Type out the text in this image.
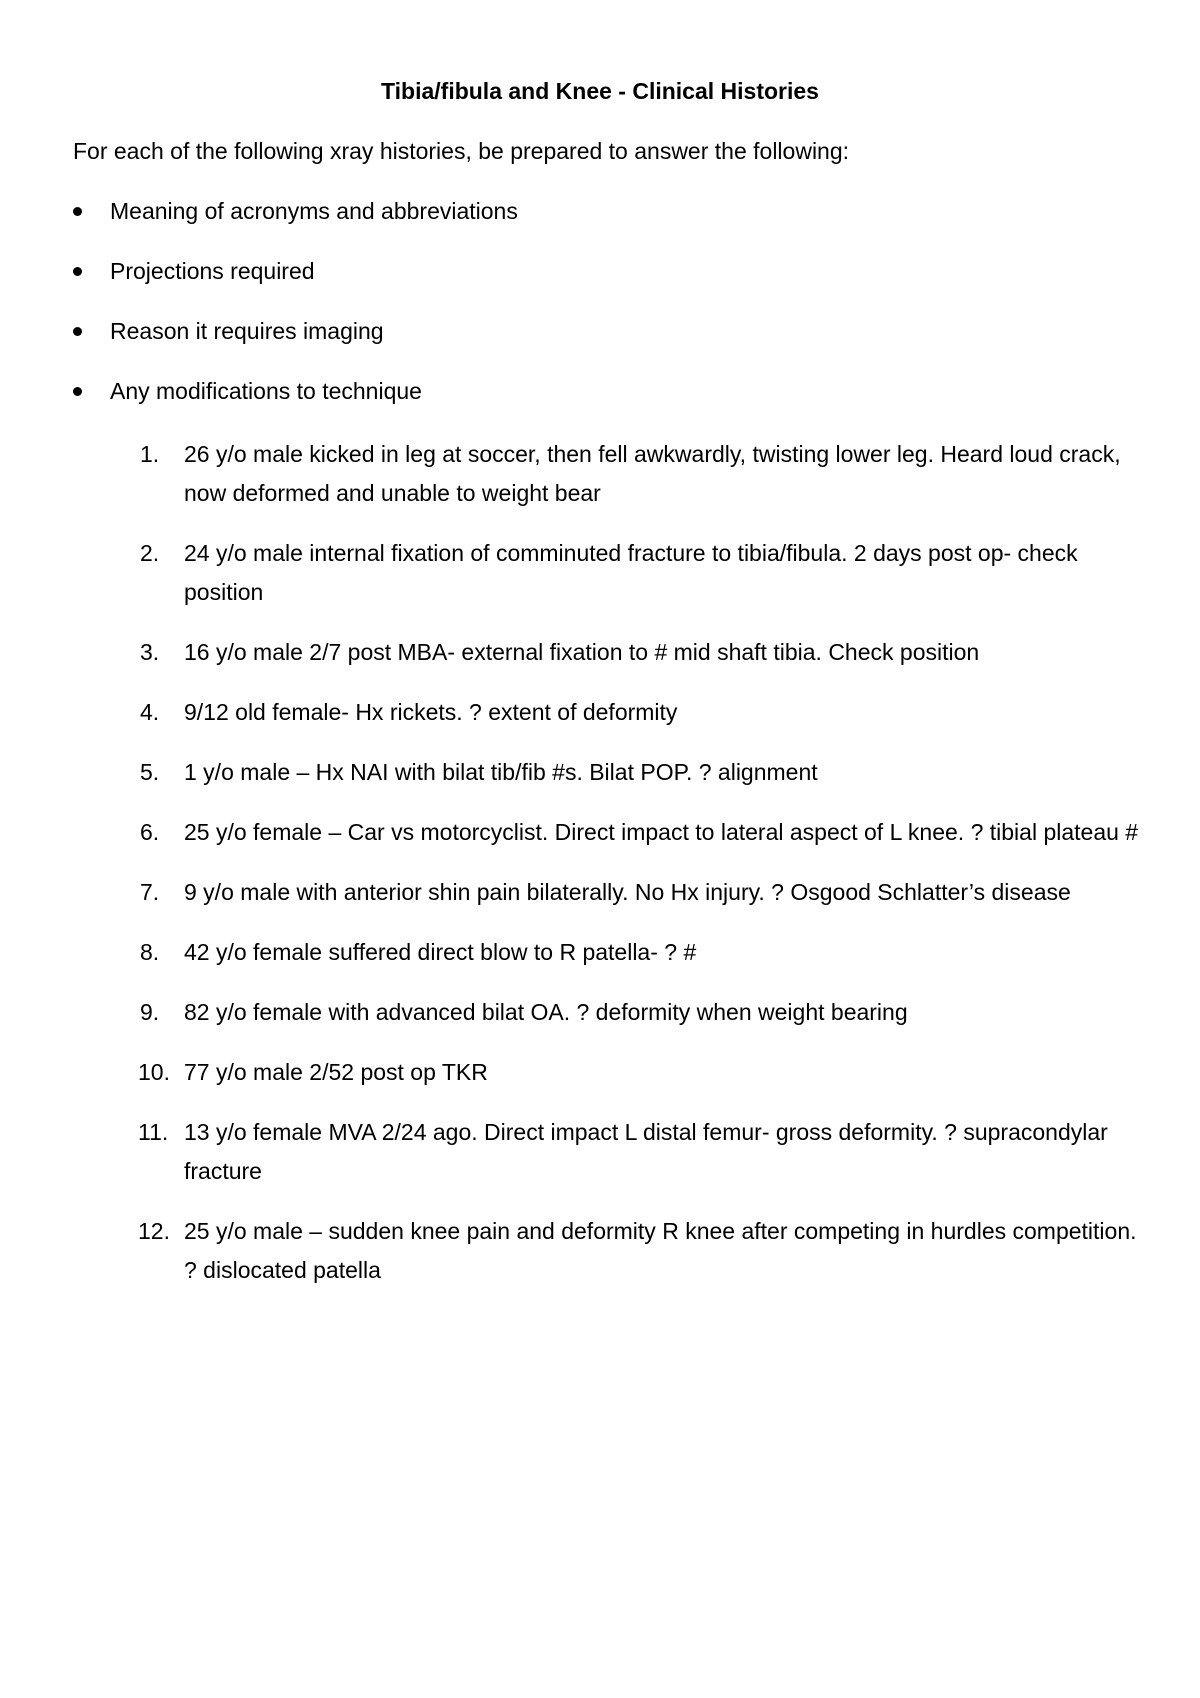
Tibia/fibula and Knee - Clinical Histories
For each of the following xray histories, be prepared to answer the following:
Meaning of acronyms and abbreviations
Projections required
Reason it requires imaging
Any modifications to technique
1. 26 y/o male kicked in leg at soccer, then fell awkwardly, twisting lower leg. Heard loud crack, now deformed and unable to weight bear
2. 24 y/o male internal fixation of comminuted fracture to tibia/fibula. 2 days post op- check position
3. 16 y/o male 2/7 post MBA- external fixation to # mid shaft tibia. Check position
4. 9/12 old female- Hx rickets. ? extent of deformity
5. 1 y/o male – Hx NAI with bilat tib/fib #s. Bilat POP. ? alignment
6. 25 y/o female – Car vs motorcyclist. Direct impact to lateral aspect of L knee. ? tibial plateau #
7. 9 y/o male with anterior shin pain bilaterally. No Hx injury. ? Osgood Schlatter’s disease
8. 42 y/o female suffered direct blow to R patella- ? #
9. 82 y/o female with advanced bilat OA. ? deformity when weight bearing
10. 77 y/o male 2/52 post op TKR
11. 13 y/o female MVA 2/24 ago. Direct impact L distal femur- gross deformity. ? supracondylar fracture
12. 25 y/o male – sudden knee pain and deformity R knee after competing in hurdles competition. ? dislocated patella
